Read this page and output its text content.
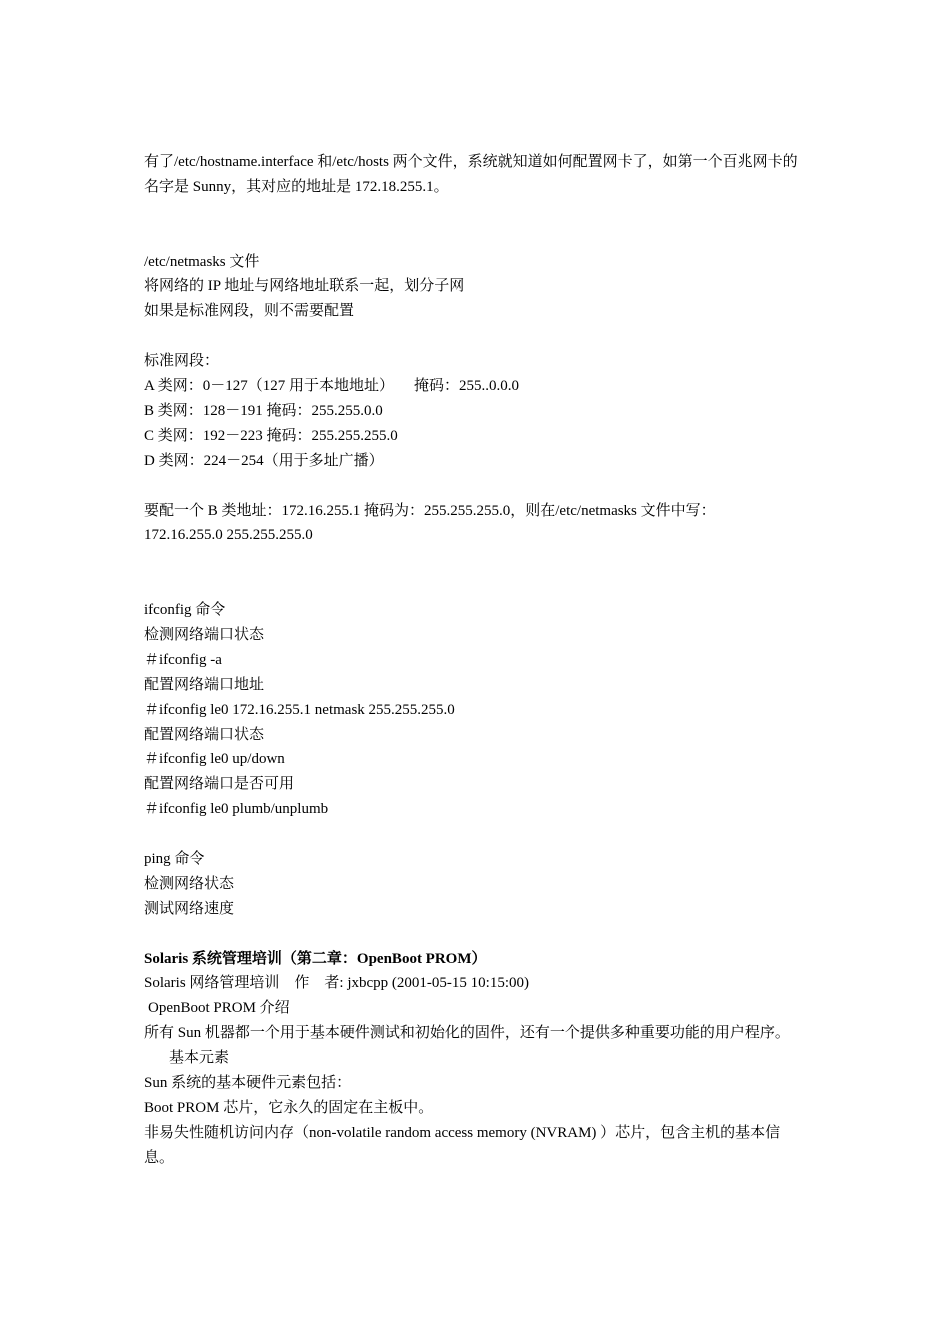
有了/etc/hostname.interface 和/etc/hosts 两个文件，系统就知道如何配置网卡了，如第一个百兆网卡的名字是 Sunny，其对应的地址是 172.18.255.1。
/etc/netmasks 文件
将网络的 IP 地址与网络地址联系一起，划分子网
如果是标准网段，则不需要配置
标准网段：
A 类网：0－127（127 用于本地地址） 掩码：255..0.0.0
B 类网：128－191 掩码：255.255.0.0
C 类网：192－223 掩码：255.255.255.0
D 类网：224－254（用于多址广播）
要配一个 B 类地址：172.16.255.1 掩码为：255.255.255.0，则在/etc/netmasks 文件中写：
172.16.255.0 255.255.255.0
ifconfig 命令
检测网络端口状态
＃ifconfig -a
配置网络端口地址
＃ifconfig le0 172.16.255.1 netmask 255.255.255.0
配置网络端口状态
＃ifconfig le0 up/down
配置网络端口是否可用
＃ifconfig le0 plumb/unplumb
ping 命令
检测网络状态
测试网络速度
Solaris 系统管理培训（第二章：OpenBoot PROM）
Solaris 网络管理培训　作　者: jxbcpp (2001-05-15 10:15:00)
OpenBoot PROM 介绍
所有 Sun 机器都一个用于基本硬件测试和初始化的固件，还有一个提供多种重要功能的用户程序。
基本元素
Sun 系统的基本硬件元素包括：
Boot PROM 芯片，它永久的固定在主板中。
非易失性随机访问内存（non-volatile random access memory (NVRAM) ）芯片，包含主机的基本信息。
